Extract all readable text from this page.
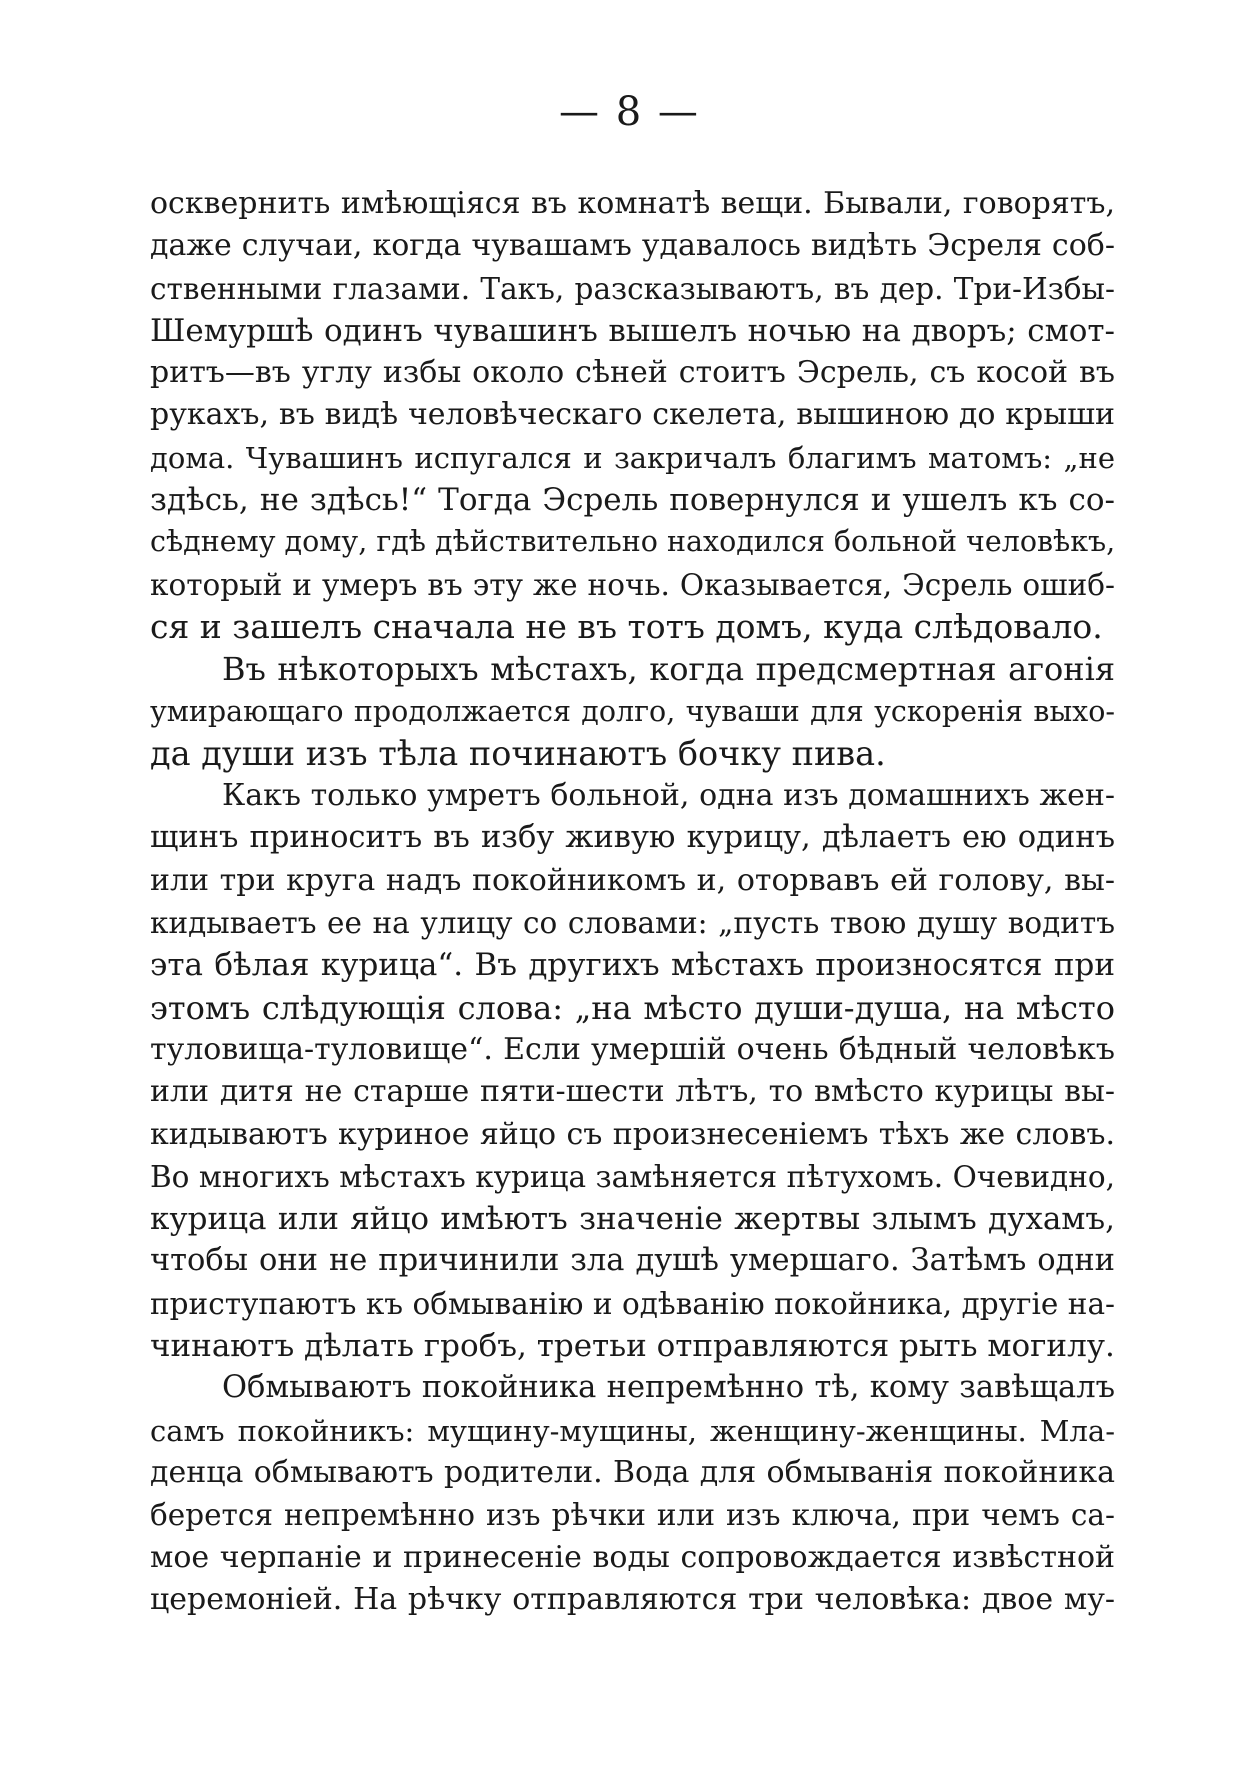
— 8 —
осквернить имѣющіяся въ комнатѣ вещи. Бывали, говорятъ,
даже случаи, когда чувашамъ удавалось видѣть Эсреля соб-
ственными глазами. Такъ, разсказываютъ, въ дер. Три-Избы-
Шемуршѣ одинъ чувашинъ вышелъ ночью на дворъ; смот-
ритъ—въ углу избы около сѣней стоитъ Эсрель, съ косой въ
рукахъ, въ видѣ человѣческаго скелета, вышиною до крыши
дома. Чувашинъ испугался и закричалъ благимъ матомъ: „не
здѣсь, не здѣсь!“ Тогда Эсрель повернулся и ушелъ къ со-
сѣднему дому, гдѣ дѣйствительно находился больной человѣкъ,
который и умеръ въ эту же ночь. Оказывается, Эсрель ошиб-
ся и зашелъ сначала не въ тотъ домъ, куда слѣдовало.
Въ нѣкоторыхъ мѣстахъ, когда предсмертная агонія
умирающаго продолжается долго, чуваши для ускоренія выхо-
да души изъ тѣла починаютъ бочку пива.
Какъ только умретъ больной, одна изъ домашнихъ жен-
щинъ приноситъ въ избу живую курицу, дѣлаетъ ею одинъ
или три круга надъ покойникомъ и, оторвавъ ей голову, вы-
кидываетъ ее на улицу со словами: „пусть твою душу водитъ
эта бѣлая курица“. Въ другихъ мѣстахъ произносятся при
этомъ слѣдующія слова: „на мѣсто души-душа, на мѣсто
туловища-туловище“. Если умершій очень бѣдный человѣкъ
или дитя не старше пяти-шести лѣтъ, то вмѣсто курицы вы-
кидываютъ куриное яйцо съ произнесеніемъ тѣхъ же словъ.
Во многихъ мѣстахъ курица замѣняется пѣтухомъ. Очевидно,
курица или яйцо имѣютъ значеніе жертвы злымъ духамъ,
чтобы они не причинили зла душѣ умершаго. Затѣмъ одни
приступаютъ къ обмыванію и одѣванію покойника, другіе на-
чинаютъ дѣлать гробъ, третьи отправляются рыть могилу.
Обмываютъ покойника непремѣнно тѣ, кому завѣщалъ
самъ покойникъ: мущину-мущины, женщину-женщины. Мла-
денца обмываютъ родители. Вода для обмыванія покойника
берется непремѣнно изъ рѣчки или изъ ключа, при чемъ са-
мое черпаніе и принесеніе воды сопровождается извѣстной
церемоніей. На рѣчку отправляются три человѣка: двое му-
